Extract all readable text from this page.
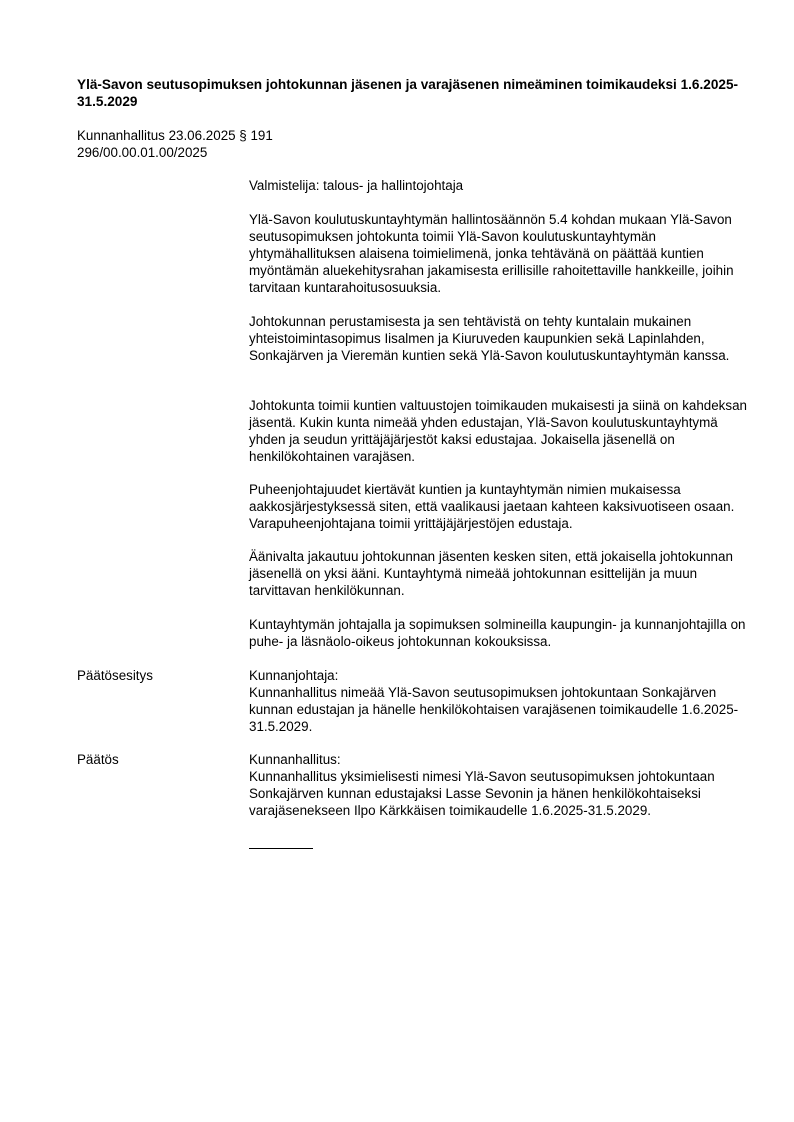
Ylä-Savon seutusopimuksen johtokunnan jäsenen ja varajäsenen nimeäminen toimikaudeksi 1.6.2025-31.5.2029
Kunnanhallitus 23.06.2025 § 191
296/00.00.01.00/2025
Valmistelija: talous- ja hallintojohtaja

Ylä-Savon koulutuskuntayhtymän hallintosäännön 5.4 kohdan mukaan Ylä-Savon seutusopimuksen johtokunta toimii Ylä-Savon koulutuskuntayhtymän yhtymähallituksen alaisena toimielimenä, jonka tehtävänä on päättää kuntien myöntämän aluekehitysrahan jakamisesta erillisille rahoitettaville hankkeille, joihin tarvitaan kuntarahoitusosuuksia.

Johtokunnan perustamisesta ja sen tehtävistä on tehty kuntalain mukainen yhteistoimintasopimus Iisalmen ja Kiuruveden kaupunkien sekä Lapinlahden, Sonkajärven ja Vieremän kuntien sekä Ylä-Savon koulutuskuntayhtymän kanssa.

Johtokunta toimii kuntien valtuustojen toimikauden mukaisesti ja siinä on kahdeksan jäsentä. Kukin kunta nimeää yhden edustajan, Ylä-Savon koulutuskuntayhtymä yhden ja seudun yrittäjäjärjestöt kaksi edustajaa. Jokaisella jäsenellä on henkilökohtainen varajäsen.

Puheenjohtajuudet kiertävät kuntien ja kuntayhtymän nimien mukaisessa aakkosjärjestyksessä siten, että vaalikausi jaetaan kahteen kaksivuotiseen osaan. Varapuheenjohtajana toimii yrittäjäjärjestöjen edustaja.

Äänivalta jakautuu johtokunnan jäsenten kesken siten, että jokaisella johtokunnan jäsenellä on yksi ääni. Kuntayhtymä nimeää johtokunnan esittelijän ja muun tarvittavan henkilökunnan.

Kuntayhtymän johtajalla ja sopimuksen solmineilla kaupungin- ja kunnanjohtajilla on puhe- ja läsnäolo-oikeus johtokunnan kokouksissa.

Päätösesitys	Kunnanjohtaja:
Kunnanhallitus nimeää Ylä-Savon seutusopimuksen johtokuntaan Sonkajärven kunnan edustajan ja hänelle henkilökohtaisen varajäsenen toimikaudelle 1.6.2025-31.5.2029.
Päätös	Kunnanhallitus:
Kunnanhallitus yksimielisesti nimesi Ylä-Savon seutusopimuksen johtokuntaan Sonkajärven kunnan edustajaksi Lasse Sevonin ja hänen henkilökohtaiseksi varajäsenekseen Ilpo Kärkkäisen toimikaudelle 1.6.2025-31.5.2029.
